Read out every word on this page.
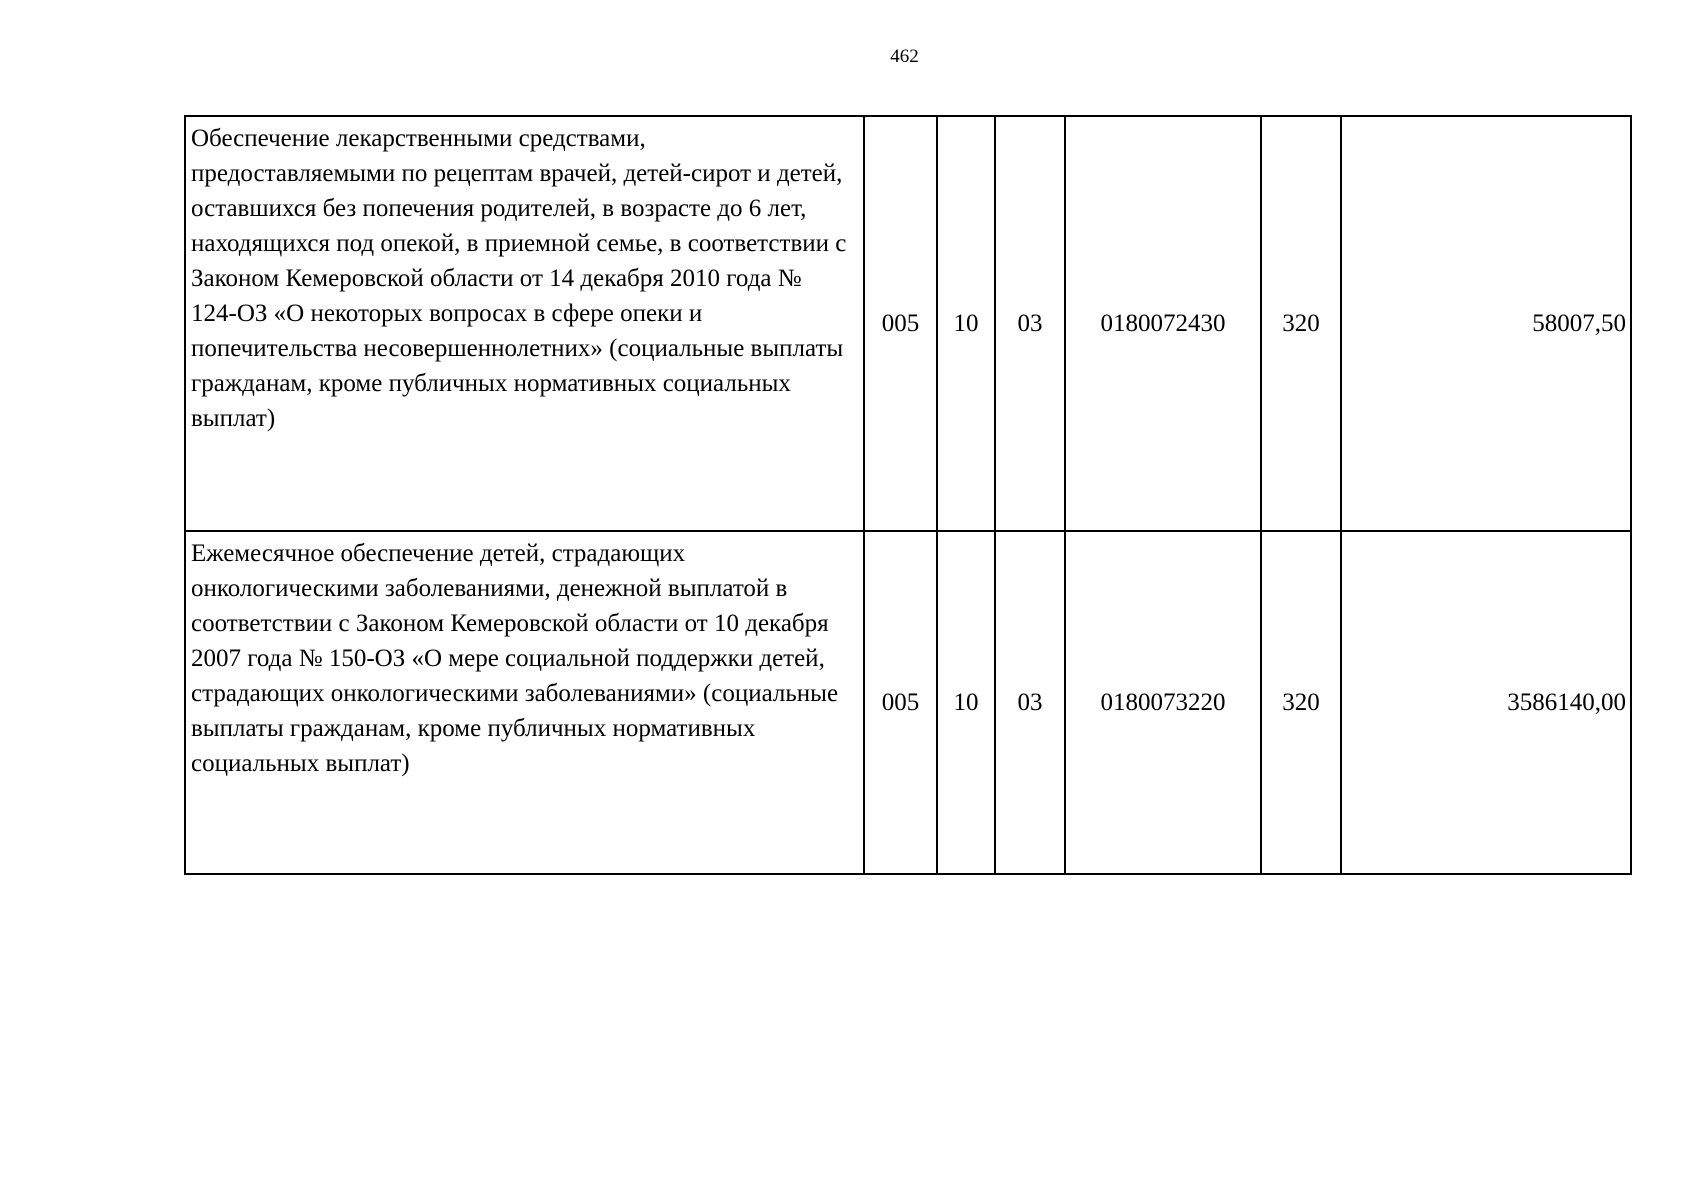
462
Обеспечение лекарственными средствами, предоставляемыми по рецептам врачей, детей-сирот и детей, оставшихся без попечения родителей, в возрасте до 6 лет, находящихся под опекой, в приемной семье, в соответствии с Законом Кемеровской области от 14 декабря 2010 года № 124-ОЗ «О некоторых вопросах в сфере опеки и попечительства несовершеннолетних» (социальные выплаты гражданам, кроме публичных нормативных социальных выплат)	005	10	03	0180072430	320	58007,50
Ежемесячное обеспечение детей, страдающих онкологическими заболеваниями, денежной выплатой в соответствии с Законом Кемеровской области от 10 декабря 2007 года № 150-ОЗ «О мере социальной поддержки детей, страдающих онкологическими заболеваниями» (социальные выплаты гражданам, кроме публичных нормативных социальных выплат)	005	10	03	0180073220	320	3586140,00
